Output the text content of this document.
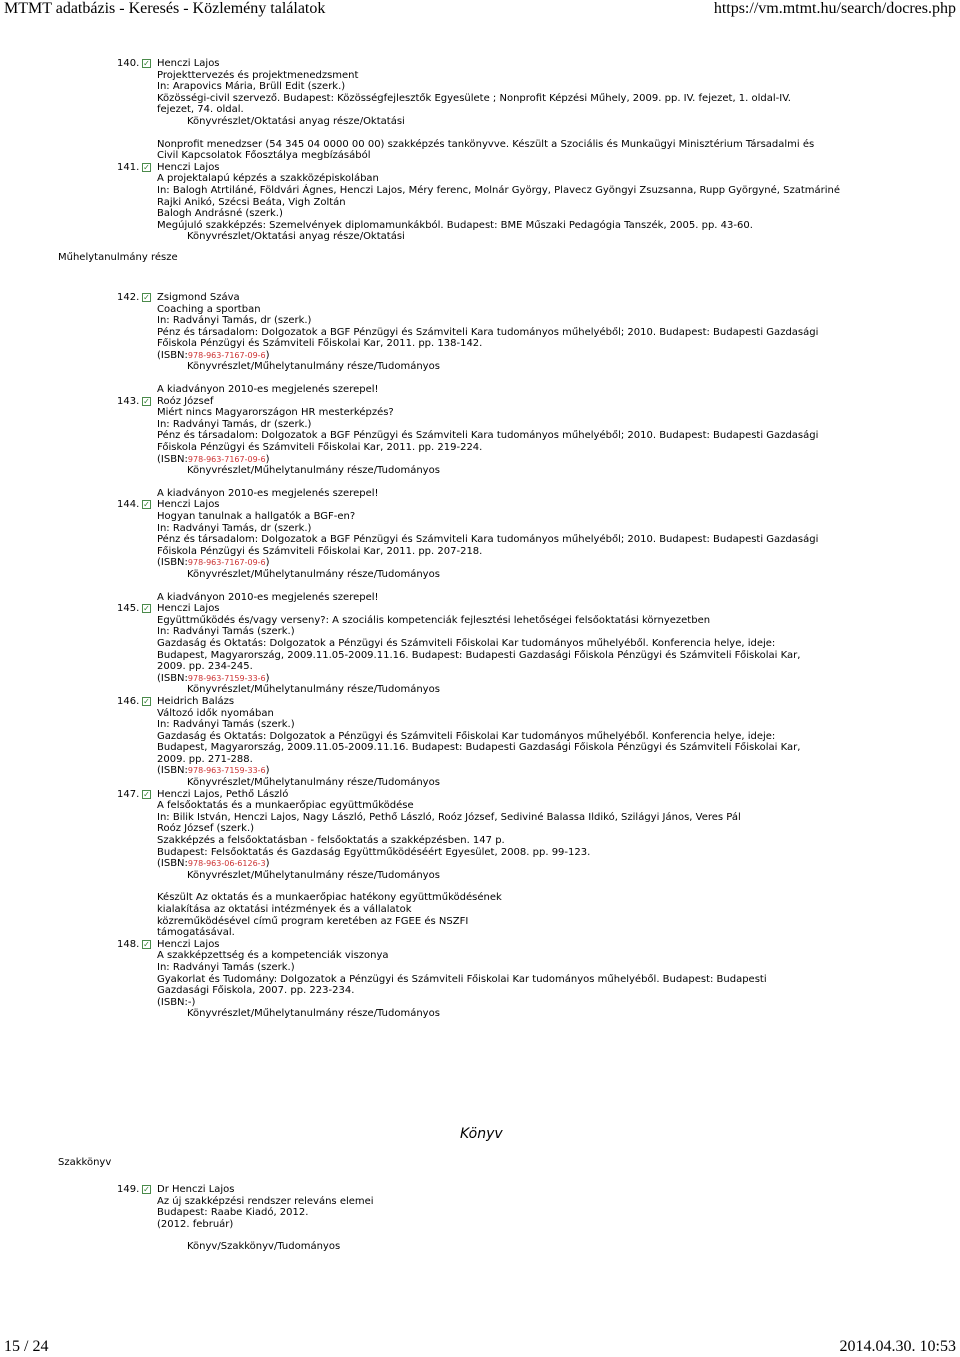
MTMT adatbázis - Keresés - Közlemény találatok	https://vm.mtmt.hu/search/docres.php
140. ✓ Henczi Lajos
Projekttervezés és projektmenedzsment
In: Arapovics Mária, Brüll Edit (szerk.)
Közösségi-civil szervező. Budapest: Közösségfejlesztők Egyesülete ; Nonprofit Képzési Műhely, 2009. pp. IV. fejezet, 1. oldal-IV.
fejezet, 74. oldal.
Könyvrészlet/Oktatási anyag része/Oktatási
Nonprofit menedzser (54 345 04 0000 00 00) szakképzés tankönyvve. Készült a Szociális és Munkaügyi Minisztérium Társadalmi és
Civil Kapcsolatok Főosztálya megbízásából
141. ✓ Henczi Lajos
A projektalapú képzés a szakközépiskolában
In: Balogh Atrtiláné, Földvári Ágnes, Henczi Lajos, Méry ferenc, Molnár György, Plavecz Gyöngyi Zsuzsanna, Rupp Györgyné, Szatmáriné
Rajki Anikó, Szécsi Beáta, Vigh Zoltán
Balogh Andrásné (szerk.)
Megújuló szakképzés: Szemelvények diplomamunkákból. Budapest: BME Műszaki Pedagógia Tanszék, 2005. pp. 43-60.
Könyvrészlet/Oktatási anyag része/Oktatási
Műhelytanulmány része
142. ✓ Zsigmond Száva
Coaching a sportban
In: Radványi Tamás, dr (szerk.)
Pénz és társadalom: Dolgozatok a BGF Pénzügyi és Számviteli Kara tudományos műhelyéből; 2010. Budapest: Budapesti Gazdasági
Főiskola Pénzügyi és Számviteli Főiskolai Kar, 2011. pp. 138-142.
(ISBN:978-963-7167-09-6)
Könyvrészlet/Műhelytanulmány része/Tudományos
A kiadványon 2010-es megjelenés szerepel!
143. ✓ Roóz József
Miért nincs Magyarországon HR mesterképzés?
In: Radványi Tamás, dr (szerk.)
Pénz és társadalom: Dolgozatok a BGF Pénzügyi és Számviteli Kara tudományos műhelyéből; 2010. Budapest: Budapesti Gazdasági
Főiskola Pénzügyi és Számviteli Főiskolai Kar, 2011. pp. 219-224.
(ISBN:978-963-7167-09-6)
Könyvrészlet/Műhelytanulmány része/Tudományos
A kiadványon 2010-es megjelenés szerepel!
144. ✓ Henczi Lajos
Hogyan tanulnak a hallgatók a BGF-en?
In: Radványi Tamás, dr (szerk.)
Pénz és társadalom: Dolgozatok a BGF Pénzügyi és Számviteli Kara tudományos műhelyéből; 2010. Budapest: Budapesti Gazdasági
Főiskola Pénzügyi és Számviteli Főiskolai Kar, 2011. pp. 207-218.
(ISBN:978-963-7167-09-6)
Könyvrészlet/Műhelytanulmány része/Tudományos
A kiadványon 2010-es megjelenés szerepel!
145. ✓ Henczi Lajos
Együttműködés és/vagy verseny?: A szociális kompetenciák fejlesztési lehetőségei felsőoktatási környezetben
In: Radványi Tamás (szerk.)
Gazdaság és Oktatás: Dolgozatok a Pénzügyi és Számviteli Főiskolai Kar tudományos műhelyéből. Konferencia helye, ideje:
Budapest, Magyarország, 2009.11.05-2009.11.16. Budapest: Budapesti Gazdasági Főiskola Pénzügyi és Számviteli Főiskolai Kar,
2009. pp. 234-245.
(ISBN:978-963-7159-33-6)
Könyvrészlet/Műhelytanulmány része/Tudományos
146. ✓ Heidrich Balázs
Változó idők nyomában
In: Radványi Tamás (szerk.)
Gazdaság és Oktatás: Dolgozatok a Pénzügyi és Számviteli Főiskolai Kar tudományos műhelyéből. Konferencia helye, ideje:
Budapest, Magyarország, 2009.11.05-2009.11.16. Budapest: Budapesti Gazdasági Főiskola Pénzügyi és Számviteli Főiskolai Kar,
2009. pp. 271-288.
(ISBN:978-963-7159-33-6)
Könyvrészlet/Műhelytanulmány része/Tudományos
147. ✓ Henczi Lajos, Pethő László
A felsőoktatás és a munkaerőpiac együttműködése
In: Bilik István, Henczi Lajos, Nagy László, Pethő László, Roóz József, Sediviné Balassa Ildikó, Szilágyi János, Veres Pál
Roóz József (szerk.)
Szakképzés a felsőoktatásban - felsőoktatás a szakképzésben. 147 p.
Budapest: Felsőoktatás és Gazdaság Együttműködéséért Egyesület, 2008. pp. 99-123.
(ISBN:978-963-06-6126-3)
Könyvrészlet/Műhelytanulmány része/Tudományos
Készült Az oktatás és a munkaerőpiac hatékony együttműködésének
kialakítása az oktatási intézmények és a vállalatok
közreműködésével című program keretében az FGEE és NSZFI
támogatásával.
148. ✓ Henczi Lajos
A szakképzettség és a kompetenciák viszonya
In: Radványi Tamás (szerk.)
Gyakorlat és Tudomány: Dolgozatok a Pénzügyi és Számviteli Főiskolai Kar tudományos műhelyéből. Budapest: Budapesti
Gazdasági Főiskola, 2007. pp. 223-234.
(ISBN:-)
Könyvrészlet/Műhelytanulmány része/Tudományos
Könyv
Szakkönyv
149. ✓ Dr Henczi Lajos
Az új szakképzési rendszer releváns elemei
Budapest: Raabe Kiadó, 2012.
(2012. február)
Könyv/Szakkönyv/Tudományos
15 / 24	2014.04.30. 10:53
